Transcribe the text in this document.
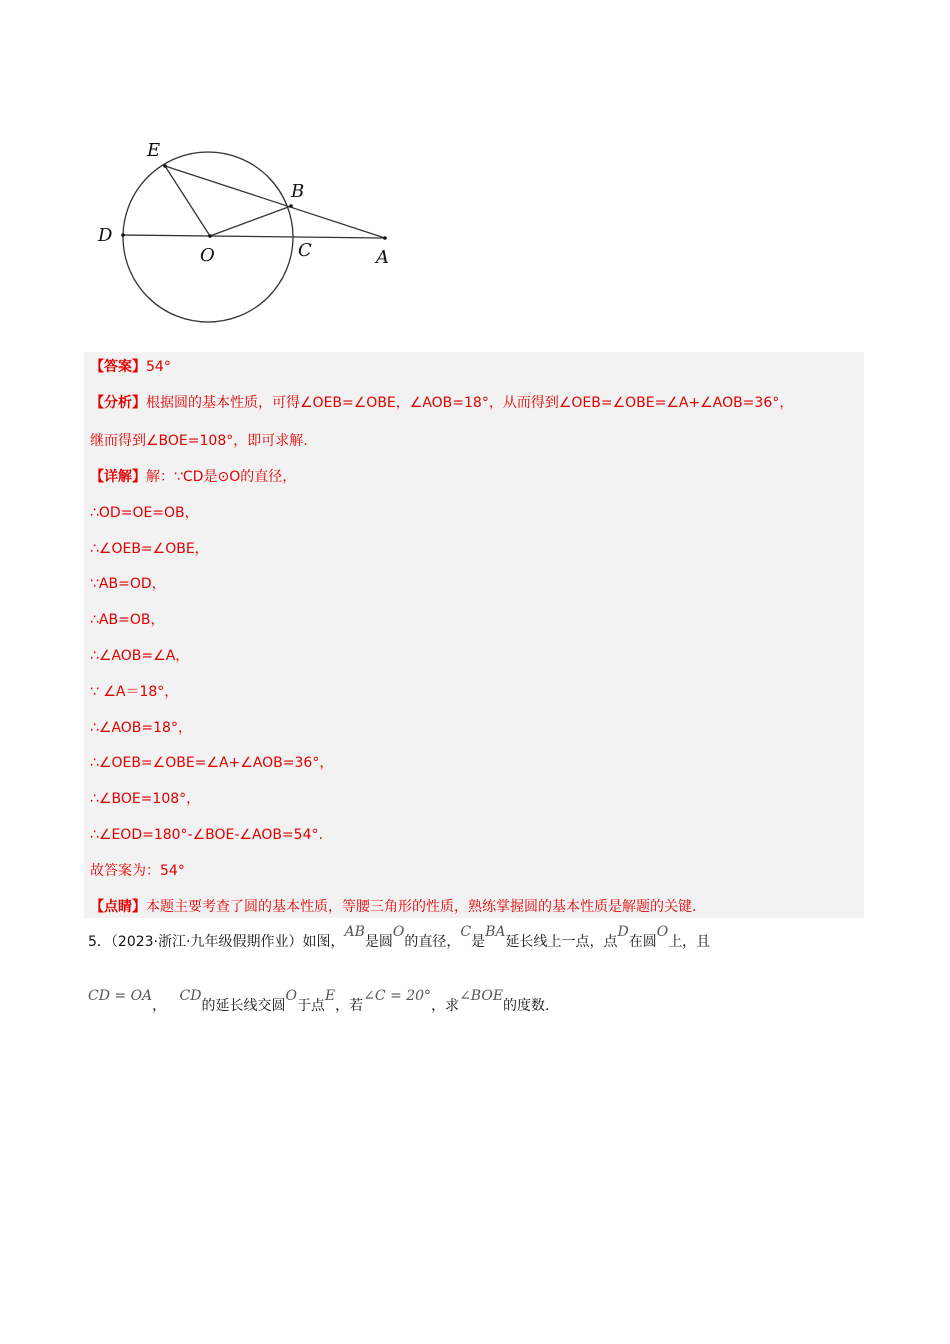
E
B
D
O	C	A
【答案】54°
【分析】根据圆的基本性质，可得∠OEB=∠OBE，∠AOB=18°，从而得到∠OEB=∠OBE=∠A+∠AOB=36°，
继而得到∠BOE=108°，即可求解.
【详解】解：∵CD是⊙O的直径，
∴OD=OE=OB，
∴∠OEB=∠OBE，
∵AB=OD，
∴AB=OB，
∴∠AOB=∠A，
∵ ∠A＝18°，
∴∠AOB=18°，
∴∠OEB=∠OBE=∠A+∠AOB=36°，
∴∠BOE=108°，
∴∠EOD=180°-∠BOE-∠AOB=54°.
故答案为：54°
【点睛】本题主要考查了圆的基本性质，等腰三角形的性质，熟练掌握圆的基本性质是解题的关键.
5．（2023·浙江·九年级假期作业）如图，AB是圆O的直径，C是BA延长线上一点，点D在圆O上，且
CD = OA，   CD的延长线交圆O于点E，若∠C = 20°，求∠BOE的度数.
